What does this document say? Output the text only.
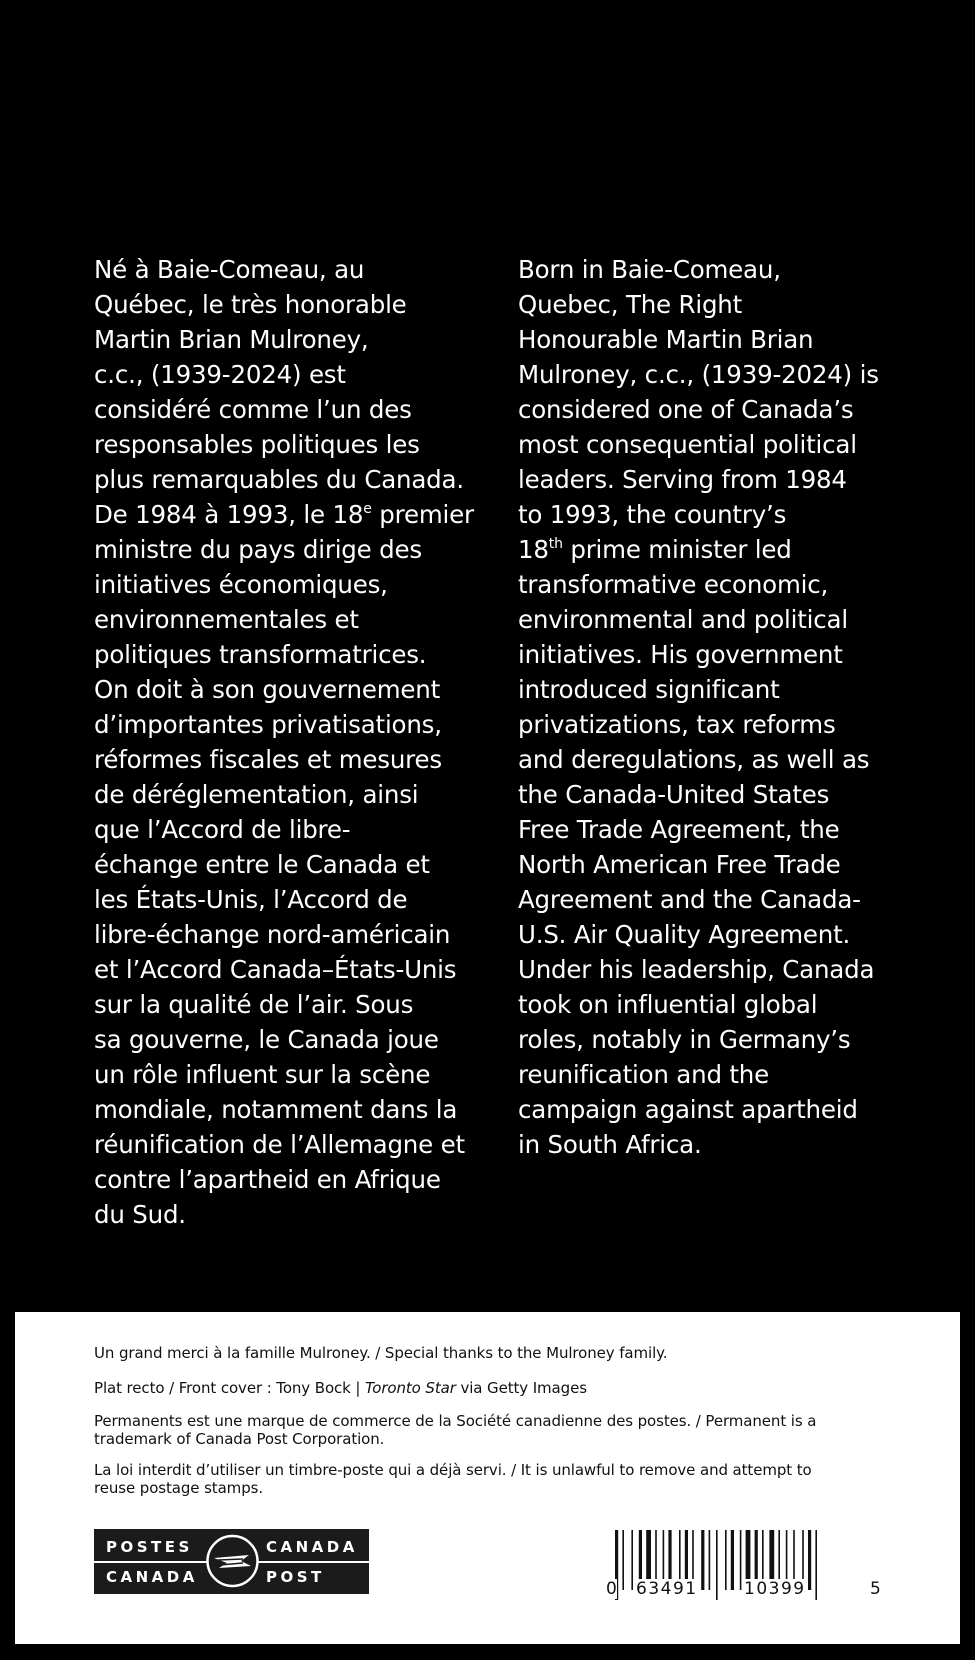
Né à Baie-Comeau, au
Québec, le très honorable
Martin Brian Mulroney,
c.c., (1939-2024) est
considéré comme l’un des
responsables politiques les
plus remarquables du Canada.
De 1984 à 1993, le 18e premier
ministre du pays dirige des
initiatives économiques,
environnementales et
politiques transformatrices.
On doit à son gouvernement
d’importantes privatisations,
réformes fiscales et mesures
de déréglementation, ainsi
que l’Accord de libre-
échange entre le Canada et
les États-Unis, l’Accord de
libre-échange nord-américain
et l’Accord Canada–États-Unis
sur la qualité de l’air. Sous
sa gouverne, le Canada joue
un rôle influent sur la scène
mondiale, notamment dans la
réunification de l’Allemagne et
contre l’apartheid en Afrique
du Sud.
Born in Baie-Comeau,
Quebec, The Right
Honourable Martin Brian
Mulroney, c.c., (1939-2024) is
considered one of Canada’s
most consequential political
leaders. Serving from 1984
to 1993, the country’s
18th prime minister led
transformative economic,
environmental and political
initiatives. His government
introduced significant
privatizations, tax reforms
and deregulations, as well as
the Canada-United States
Free Trade Agreement, the
North American Free Trade
Agreement and the Canada-
U.S. Air Quality Agreement.
Under his leadership, Canada
took on influential global
roles, notably in Germany’s
reunification and the
campaign against apartheid
in South Africa.
Un grand merci à la famille Mulroney. / Special thanks to the Mulroney family.
Plat recto / Front cover : Tony Bock | Toronto Star via Getty Images
Permanents est une marque de commerce de la Société canadienne des postes. / Permanent is a
trademark of Canada Post Corporation.
La loi interdit d’utiliser un timbre-poste qui a déjà servi. / It is unlawful to remove and attempt to
reuse postage stamps.
POSTES	CANADA
CANADA	POST
0 63491	10399	5
